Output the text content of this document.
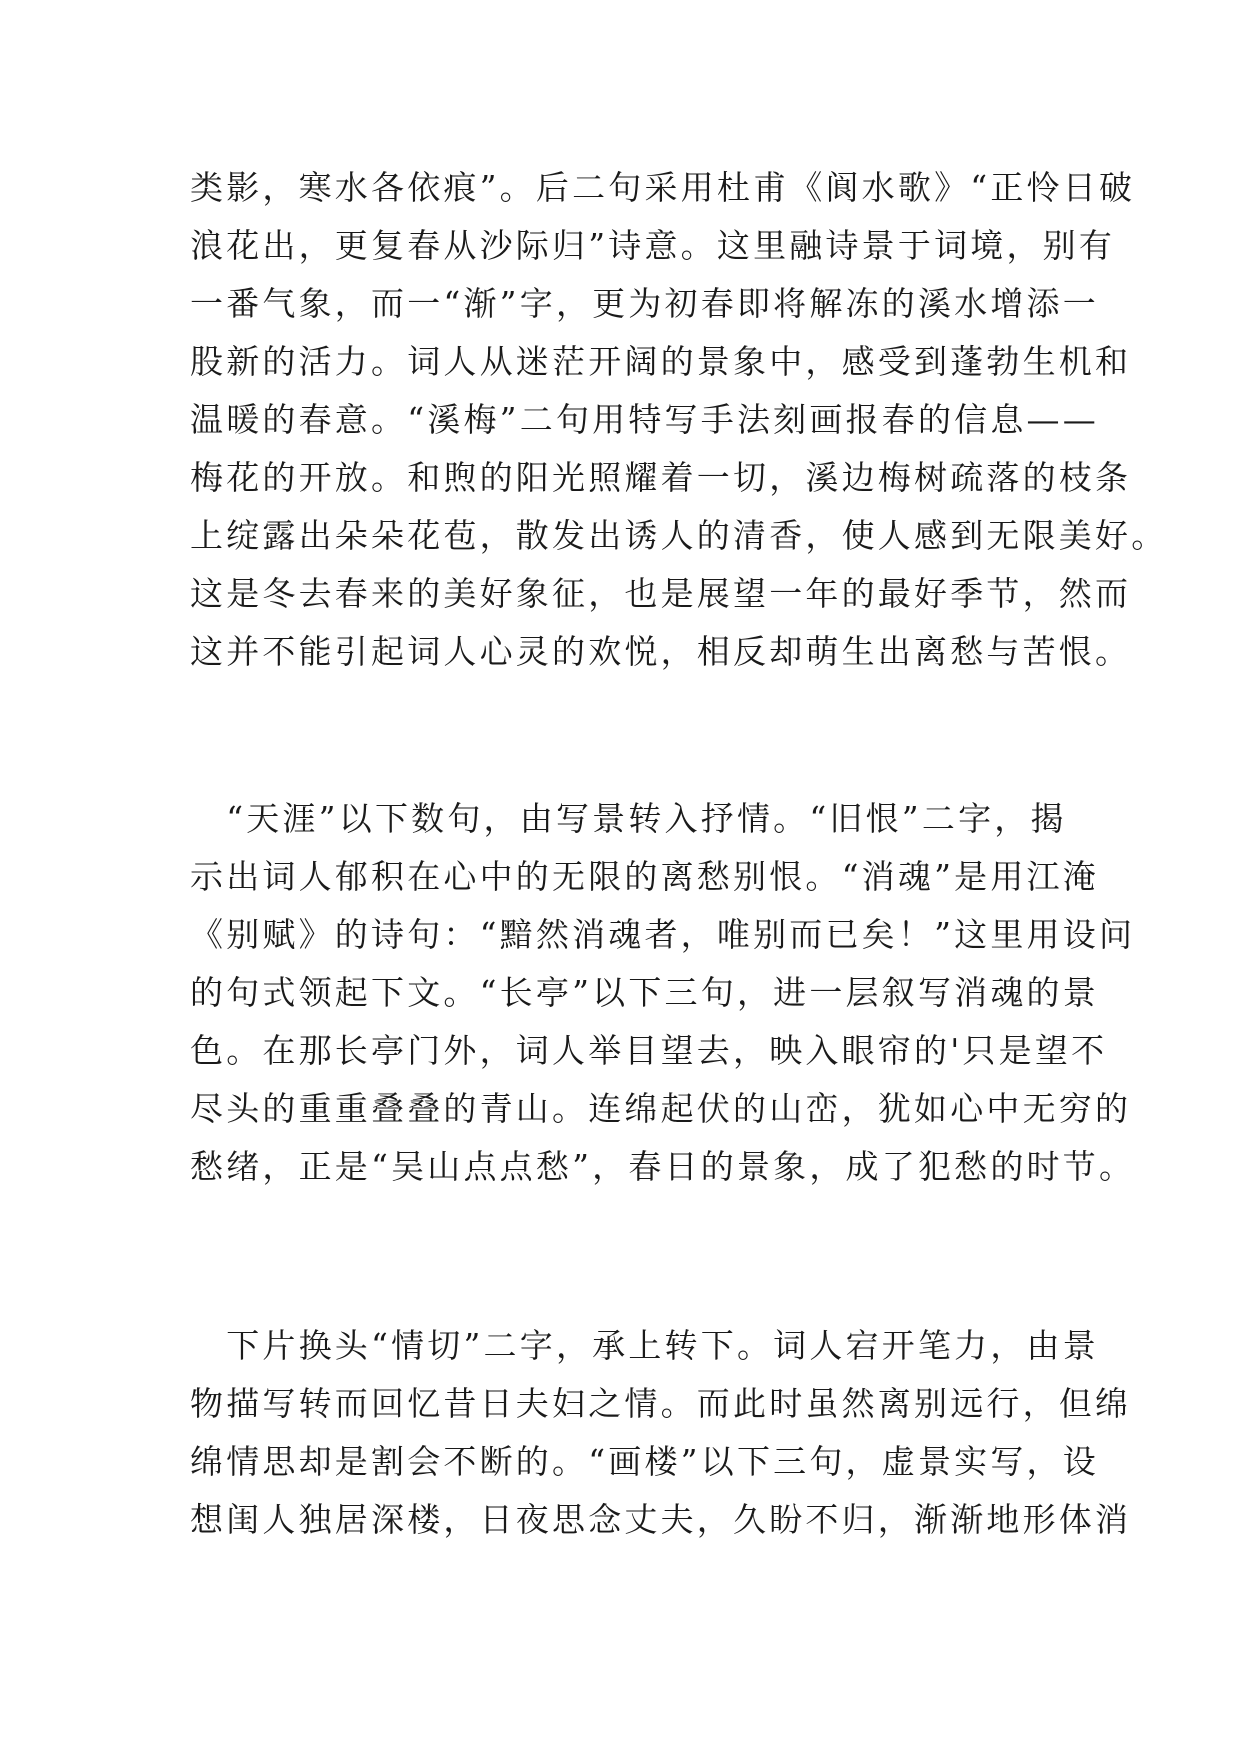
类影，寒水各依痕”。后二句采用杜甫《阆水歌》“正怜日破
浪花出，更复春从沙际归”诗意。这里融诗景于词境，别有
一番气象，而一“渐”字，更为初春即将解冻的溪水增添一
股新的活力。词人从迷茫开阔的景象中，感受到蓬勃生机和
温暖的春意。“溪梅”二句用特写手法刻画报春的信息——
梅花的开放。和煦的阳光照耀着一切，溪边梅树疏落的枝条
上绽露出朵朵花苞，散发出诱人的清香，使人感到无限美好。
这是冬去春来的美好象征，也是展望一年的最好季节，然而
这并不能引起词人心灵的欢悦，相反却萌生出离愁与苦恨。
　“天涯”以下数句，由写景转入抒情。“旧恨”二字，揭
示出词人郁积在心中的无限的离愁别恨。“消魂”是用江淹
《别赋》的诗句：“黯然消魂者，唯别而已矣！”这里用设问
的句式领起下文。“长亭”以下三句，进一层叙写消魂的景
色。在那长亭门外，词人举目望去，映入眼帘的'只是望不
尽头的重重叠叠的青山。连绵起伏的山峦，犹如心中无穷的
愁绪，正是“吴山点点愁”，春日的景象，成了犯愁的时节。
　下片换头“情切”二字，承上转下。词人宕开笔力，由景
物描写转而回忆昔日夫妇之情。而此时虽然离别远行，但绵
绵情思却是割会不断的。“画楼”以下三句，虚景实写，设
想闺人独居深楼，日夜思念丈夫，久盼不归，渐渐地形体消
